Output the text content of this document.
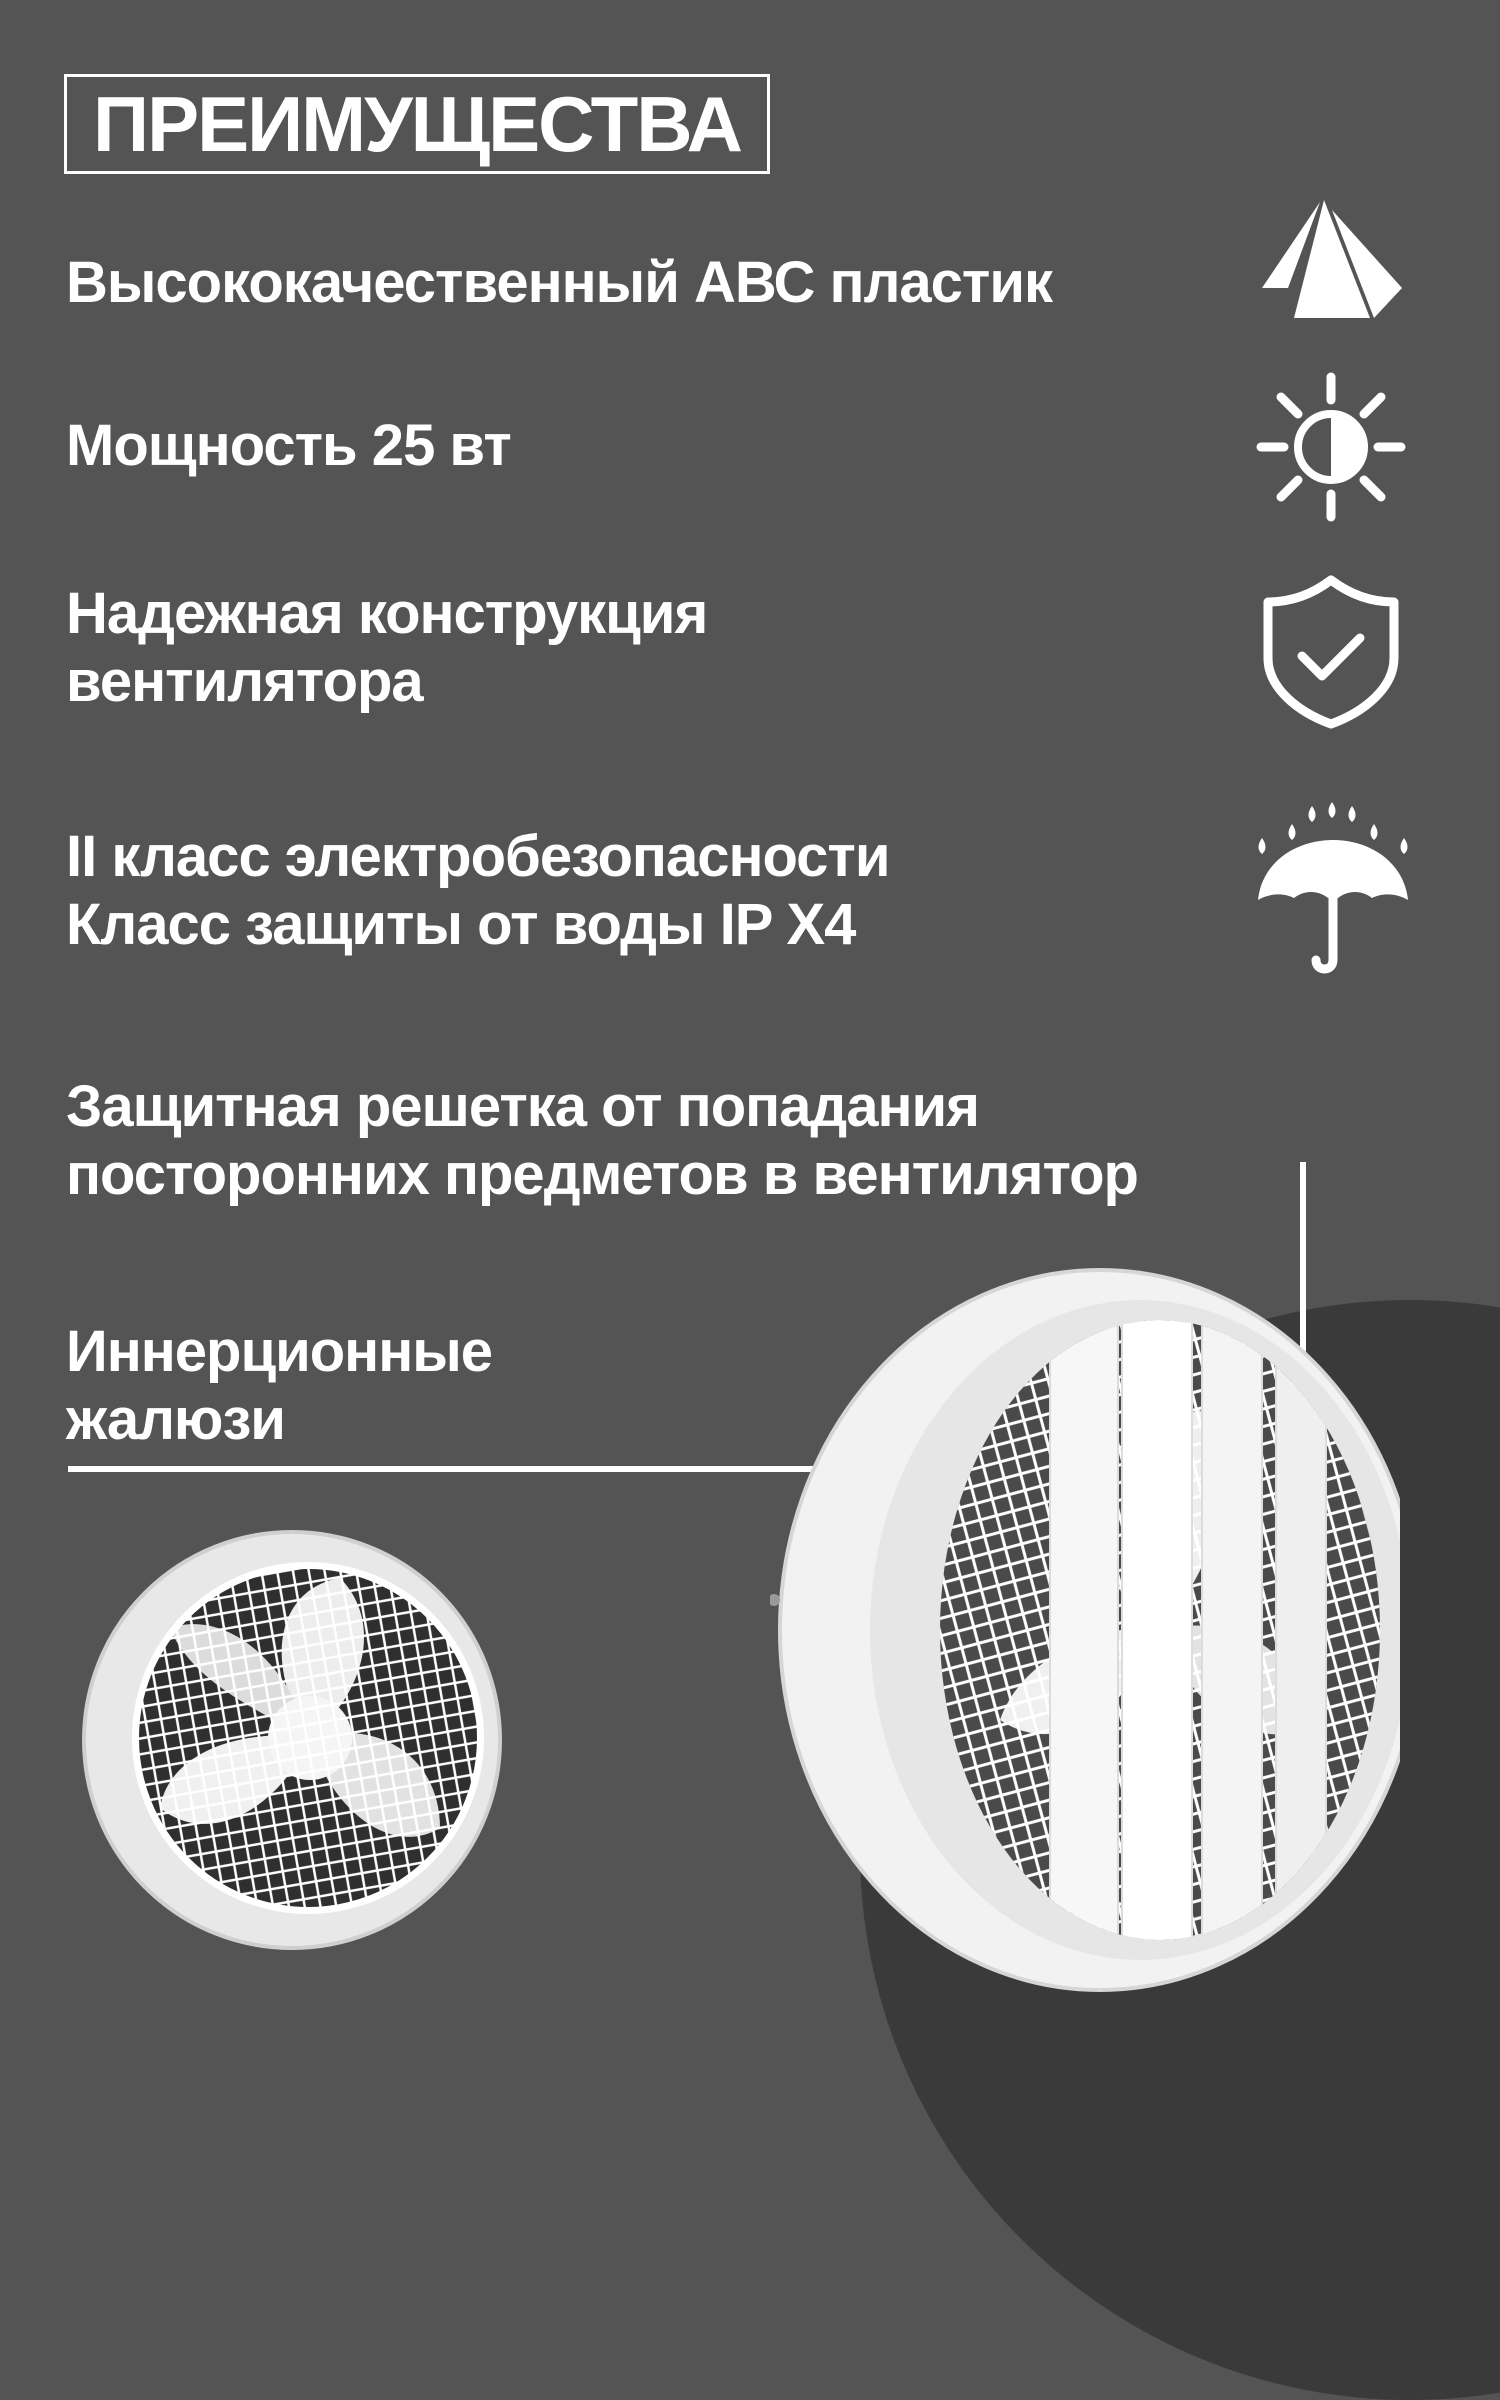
ПРЕИМУЩЕСТВА
Высококачественный АВС пластик
Мощность 25 вт
Надежная конструкция
вентилятора
II класс электробезопасности
Класс защиты от воды IP X4
Защитная решетка от попадания
посторонних предметов в вентилятор
Иннерционные
жалюзи
